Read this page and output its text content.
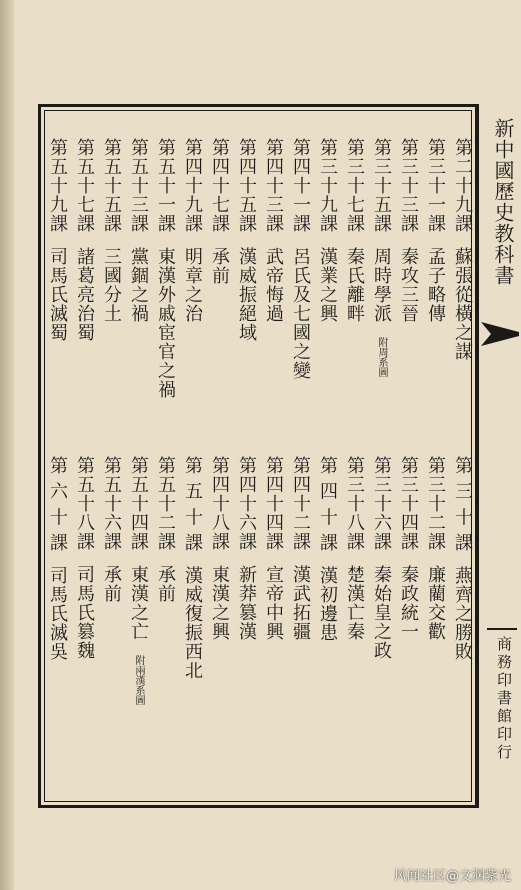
新中國歷史教科書
商務印書館印行
第二十九課蘇張從橫之謀
第三十一課孟子略傳
第三十三課秦攻三晉
第三十五課周時學派附周系圖
第三十七課秦氏離畔
第三十九課漢業之興
第四十一課呂氏及七國之變
第四十三課武帝悔過
第四十五課漢威振絕域
第四十七課承前
第四十九課明章之治
第五十一課東漢外戚宦官之禍
第五十三課黨錮之禍
第五十五課三國分土
第五十七課諸葛亮治蜀
第五十九課司馬氏滅蜀
第 三 十 課燕齊之勝敗
第三十二課廉藺交歡
第三十四課秦政統一
第三十六課秦始皇之政
第三十八課楚漢亡秦
第 四 十 課漢初邊患
第四十二課漢武拓疆
第四十四課宣帝中興
第四十六課新莽篡漢
第四十八課東漢之興
第 五 十 課漢威復振西北
第五十二課承前
第五十四課東漢之亡附兩漢系圖
第五十六課承前
第五十八課司馬氏篡魏
第 六 十 課司馬氏滅吳
风闻社区@文渊紫光
